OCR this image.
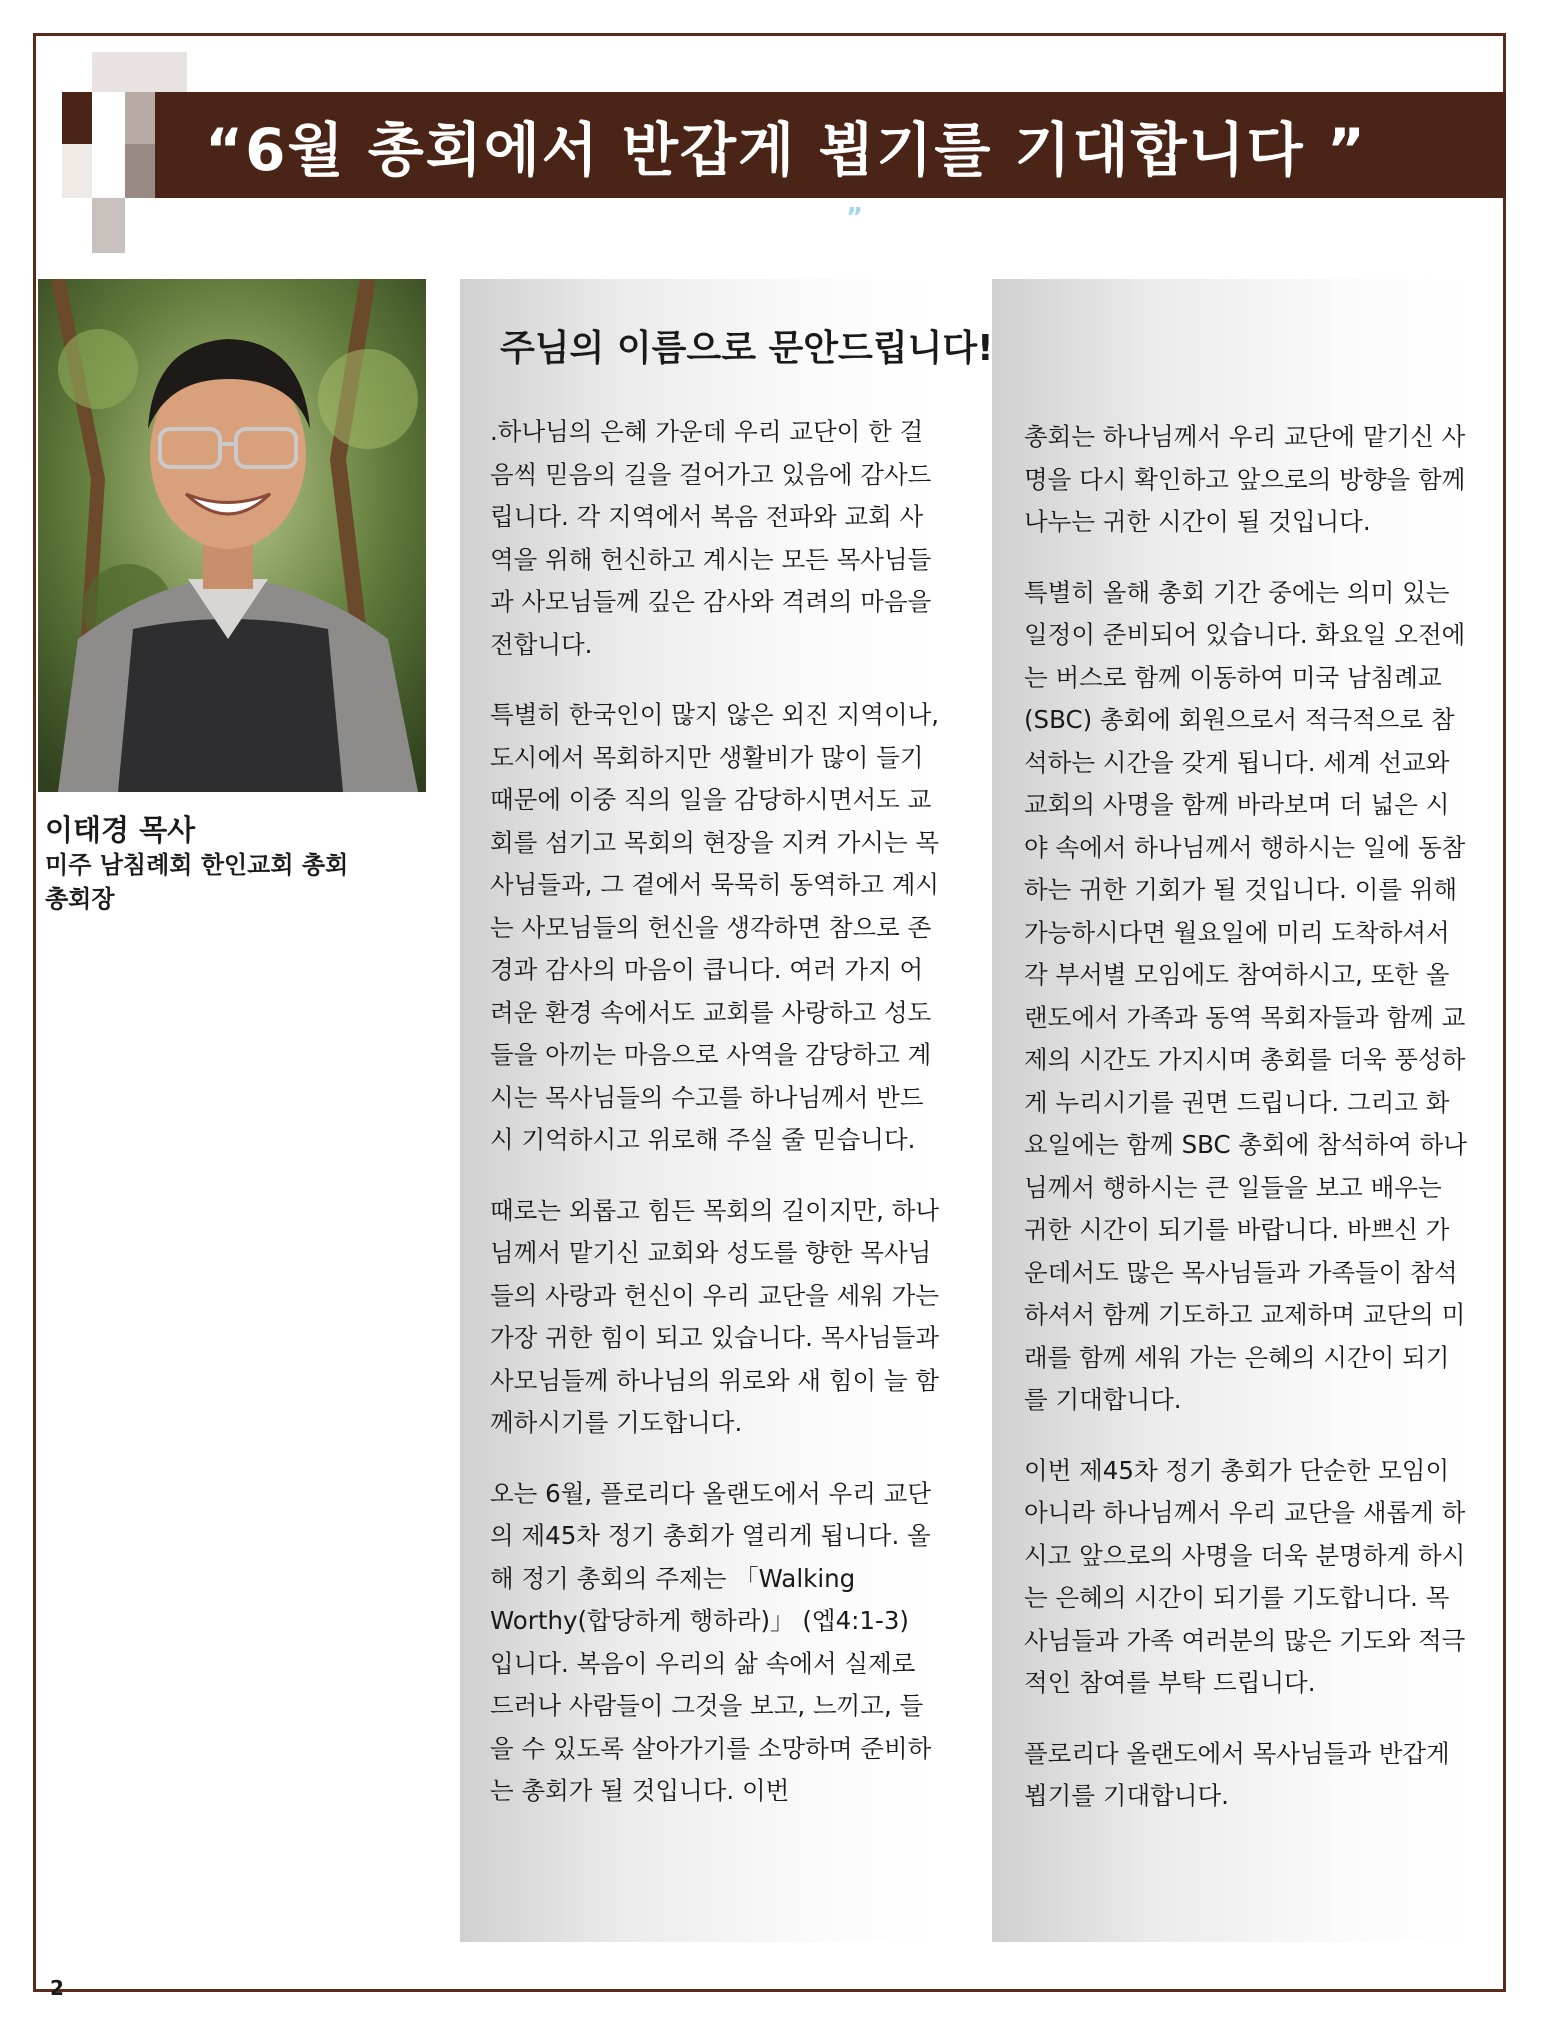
“6월 총회에서 반갑게 뵙기를 기대합니다 ”
”
이태경 목사
미주 남침례회 한인교회 총회
총회장
주님의 이름으로 문안드립니다!

.하나님의 은혜 가운데 우리 교단이 한 걸음씩 믿음의 길을 걸어가고 있음에 감사드립니다. 각 지역에서 복음 전파와 교회 사역을 위해 헌신하고 계시는 모든 목사님들과 사모님들께 깊은 감사와 격려의 마음을 전합니다.

특별히 한국인이 많지 않은 외진 지역이나, 도시에서 목회하지만 생활비가 많이 들기 때문에 이중 직의 일을 감당하시면서도 교회를 섬기고 목회의 현장을 지켜 가시는 목사님들과, 그 곁에서 묵묵히 동역하고 계시는 사모님들의 헌신을 생각하면 참으로 존경과 감사의 마음이 큽니다. 여러 가지 어려운 환경 속에서도 교회를 사랑하고 성도들을 아끼는 마음으로 사역을 감당하고 계시는 목사님들의 수고를 하나님께서 반드시 기억하시고 위로해 주실 줄 믿습니다.

때로는 외롭고 힘든 목회의 길이지만, 하나님께서 맡기신 교회와 성도를 향한 목사님들의 사랑과 헌신이 우리 교단을 세워 가는 가장 귀한 힘이 되고 있습니다. 목사님들과 사모님들께 하나님의 위로와 새 힘이 늘 함께하시기를 기도합니다.

오는 6월, 플로리다 올랜도에서 우리 교단의 제45차 정기 총회가 열리게 됩니다. 올해 정기 총회의 주제는 「Walking Worthy(합당하게 행하라)」 (엡4:1-3) 입니다. 복음이 우리의 삶 속에서 실제로 드러나 사람들이 그것을 보고, 느끼고, 들을 수 있도록 살아가기를 소망하며 준비하는 총회가 될 것입니다. 이번

총회는 하나님께서 우리 교단에 맡기신 사명을 다시 확인하고 앞으로의 방향을 함께 나누는 귀한 시간이 될 것입니다.

특별히 올해 총회 기간 중에는 의미 있는 일정이 준비되어 있습니다. 화요일 오전에는 버스로 함께 이동하여 미국 남침례교(SBC) 총회에 회원으로서 적극적으로 참석하는 시간을 갖게 됩니다. 세계 선교와 교회의 사명을 함께 바라보며 더 넓은 시야 속에서 하나님께서 행하시는 일에 동참하는 귀한 기회가 될 것입니다. 이를 위해 가능하시다면 월요일에 미리 도착하셔서 각 부서별 모임에도 참여하시고, 또한 올랜도에서 가족과 동역 목회자들과 함께 교제의 시간도 가지시며 총회를 더욱 풍성하게 누리시기를 권면 드립니다. 그리고 화요일에는 함께 SBC 총회에 참석하여 하나님께서 행하시는 큰 일들을 보고 배우는 귀한 시간이 되기를 바랍니다. 바쁘신 가운데서도 많은 목사님들과 가족들이 참석하셔서 함께 기도하고 교제하며 교단의 미래를 함께 세워 가는 은혜의 시간이 되기를 기대합니다.

이번 제45차 정기 총회가 단순한 모임이 아니라 하나님께서 우리 교단을 새롭게 하시고 앞으로의 사명을 더욱 분명하게 하시는 은혜의 시간이 되기를 기도합니다. 목사님들과 가족 여러분의 많은 기도와 적극적인 참여를 부탁 드립니다.

플로리다 올랜도에서 목사님들과 반갑게 뵙기를 기대합니다.

2
